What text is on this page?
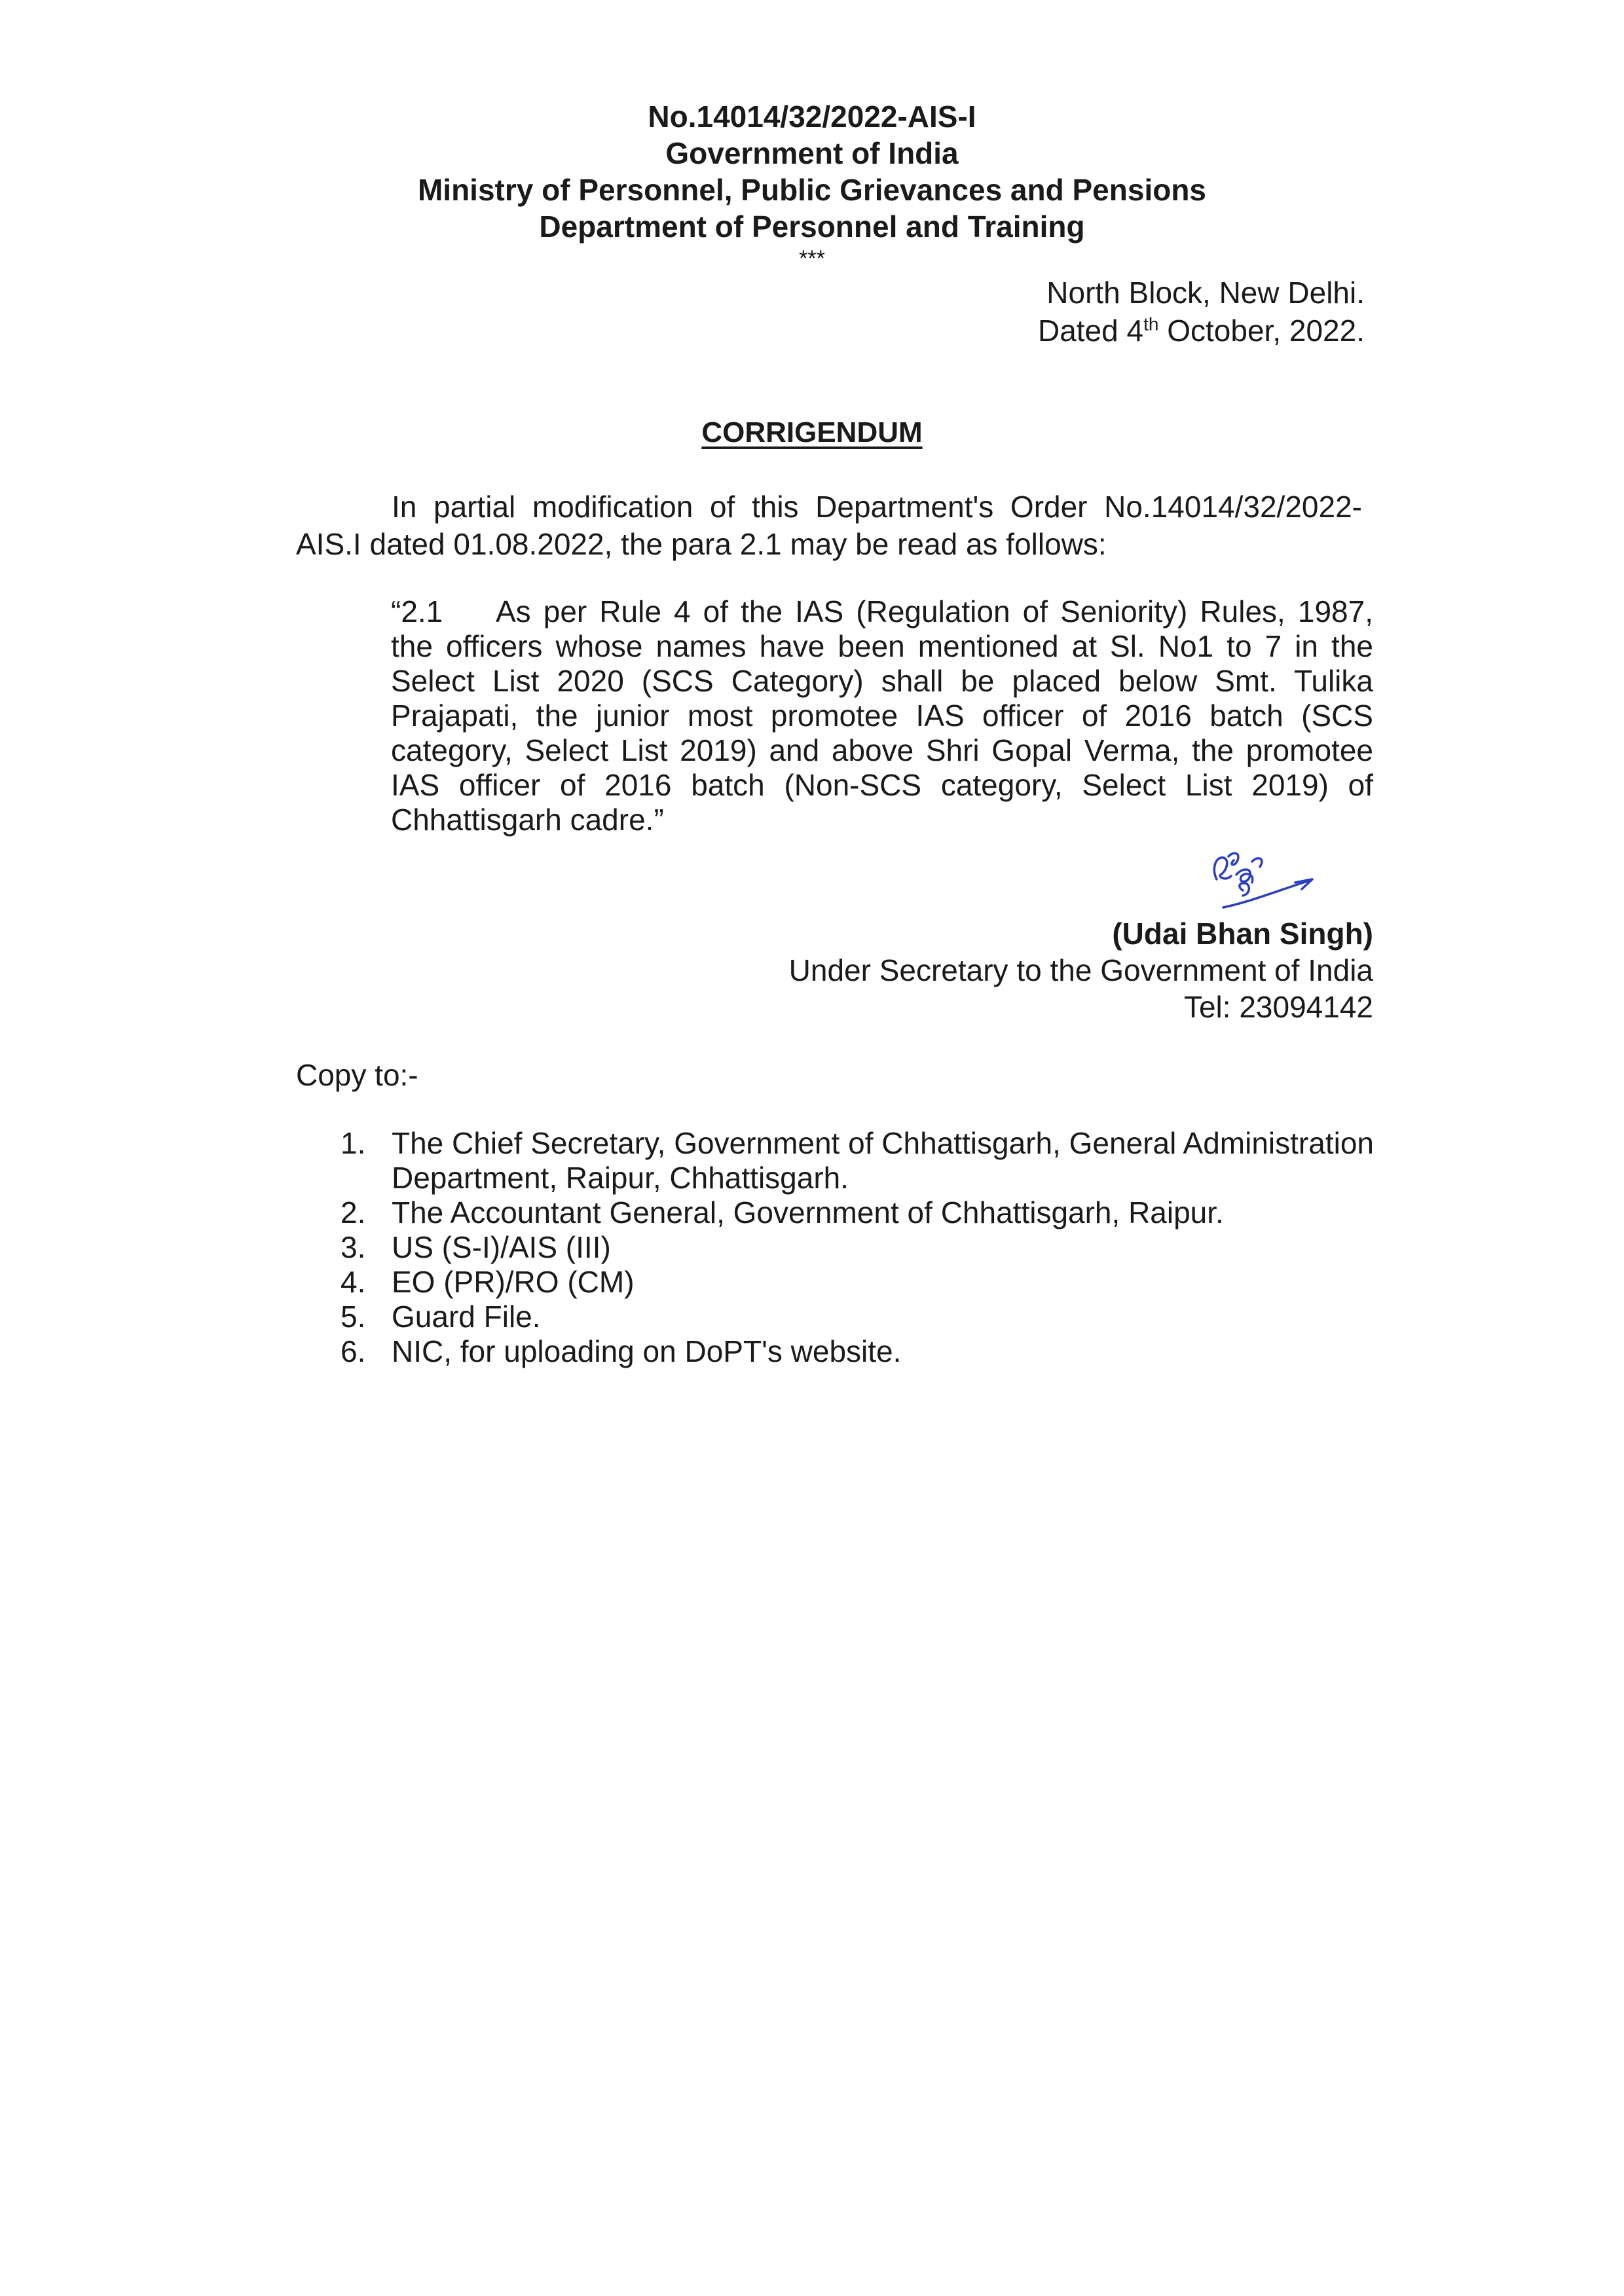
No.14014/32/2022-AIS-I
Government of India
Ministry of Personnel, Public Grievances and Pensions
Department of Personnel and Training
***
North Block, New Delhi.
Dated 4th October, 2022.
CORRIGENDUM
In partial modification of this Department's Order No.14014/32/2022-AIS.I dated 01.08.2022, the para 2.1 may be read as follows:
“2.1 As per Rule 4 of the IAS (Regulation of Seniority) Rules, 1987, the officers whose names have been mentioned at Sl. No1 to 7 in the Select List 2020 (SCS Category) shall be placed below Smt. Tulika Prajapati, the junior most promotee IAS officer of 2016 batch (SCS category, Select List 2019) and above Shri Gopal Verma, the promotee IAS officer of 2016 batch (Non-SCS category, Select List 2019) of Chhattisgarh cadre.”
(Udai Bhan Singh)
Under Secretary to the Government of India
Tel: 23094142
Copy to:-
1. The Chief Secretary, Government of Chhattisgarh, General Administration Department, Raipur, Chhattisgarh.
2. The Accountant General, Government of Chhattisgarh, Raipur.
3. US (S-I)/AIS (III)
4. EO (PR)/RO (CM)
5. Guard File.
6. NIC, for uploading on DoPT's website.
